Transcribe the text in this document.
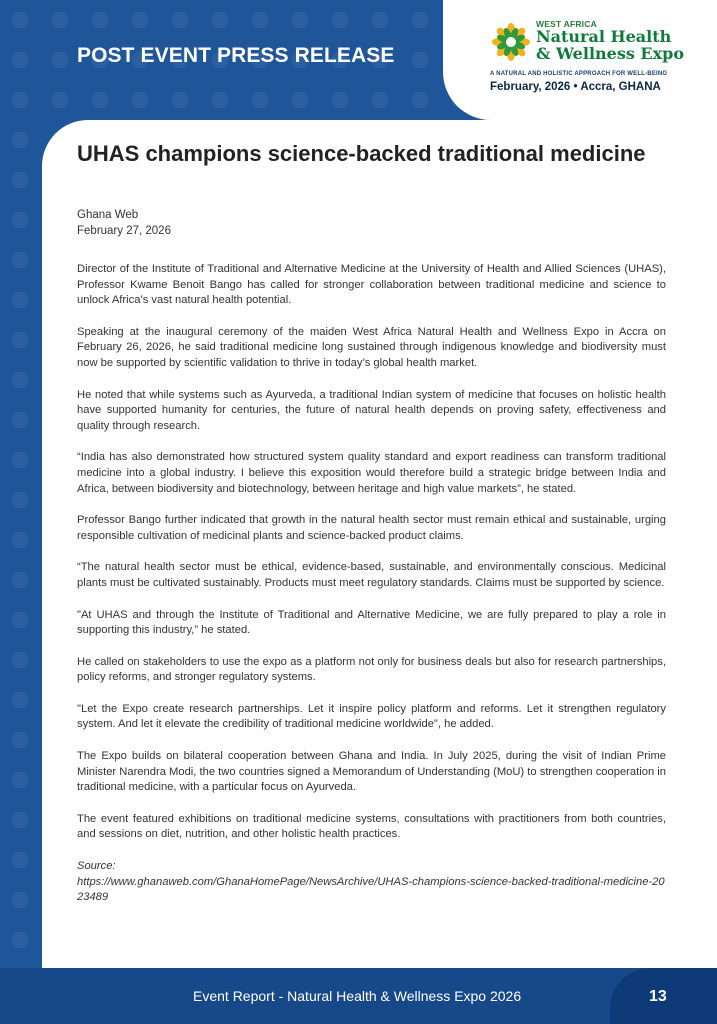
POST EVENT PRESS RELEASE
WEST AFRICA
Natural Health
& Wellness Expo
A NATURAL AND HOLISTIC APPROACH FOR WELL-BEING
February, 2026 • Accra, GHANA
UHAS champions science-backed traditional medicine
Ghana Web
February 27, 2026

Director of the Institute of Traditional and Alternative Medicine at the University of Health and Allied Sciences (UHAS), Professor Kwame Benoit Bango has called for stronger collaboration between traditional medicine and science to unlock Africa’s vast natural health potential.

Speaking at the inaugural ceremony of the maiden West Africa Natural Health and Wellness Expo in Accra on February 26, 2026, he said traditional medicine long sustained through indigenous knowledge and biodiversity must now be supported by scientific validation to thrive in today’s global health market.

He noted that while systems such as Ayurveda, a traditional Indian system of medicine that focuses on holistic health have supported humanity for centuries, the future of natural health depends on proving safety, effectiveness and quality through research.

“India has also demonstrated how structured system quality standard and export readiness can transform traditional medicine into a global industry. I believe this exposition would therefore build a strategic bridge between India and Africa, between biodiversity and biotechnology, between heritage and high value markets”, he stated.

Professor Bango further indicated that growth in the natural health sector must remain ethical and sustainable, urging responsible cultivation of medicinal plants and science-backed product claims.

“The natural health sector must be ethical, evidence-based, sustainable, and environmentally conscious. Medicinal plants must be cultivated sustainably. Products must meet regulatory standards. Claims must be supported by science.

"At UHAS and through the Institute of Traditional and Alternative Medicine, we are fully prepared to play a role in supporting this industry,” he stated.

He called on stakeholders to use the expo as a platform not only for business deals but also for research partnerships, policy reforms, and stronger regulatory systems.

"Let the Expo create research partnerships. Let it inspire policy platform and reforms. Let it strengthen regulatory system. And let it elevate the credibility of traditional medicine worldwide", he added.

The Expo builds on bilateral cooperation between Ghana and India. In July 2025, during the visit of Indian Prime Minister Narendra Modi, the two countries signed a Memorandum of Understanding (MoU) to strengthen cooperation in traditional medicine, with a particular focus on Ayurveda.

The event featured exhibitions on traditional medicine systems, consultations with practitioners from both countries, and sessions on diet, nutrition, and other holistic health practices.

Source:

https://www.ghanaweb.com/GhanaHomePage/NewsArchive/UHAS-champions-science-backed-traditional-medicine-2023489

Event Report - Natural Health & Wellness Expo 2026	13
